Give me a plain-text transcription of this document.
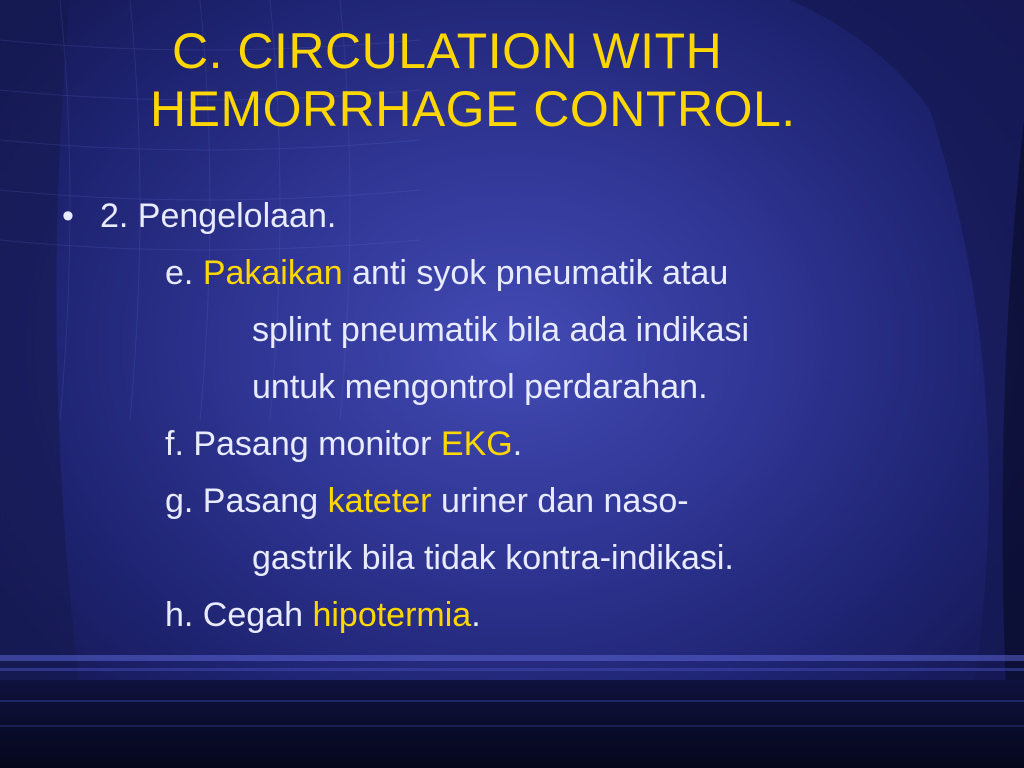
C. CIRCULATION WITH
HEMORRHAGE CONTROL.
• 2. Pengelolaan.
e. Pakaikan anti syok pneumatik atau
splint pneumatik bila ada indikasi
untuk mengontrol perdarahan.
f. Pasang monitor EKG.
g. Pasang kateter uriner dan naso-
gastrik bila tidak kontra-indikasi.
h. Cegah hipotermia.
